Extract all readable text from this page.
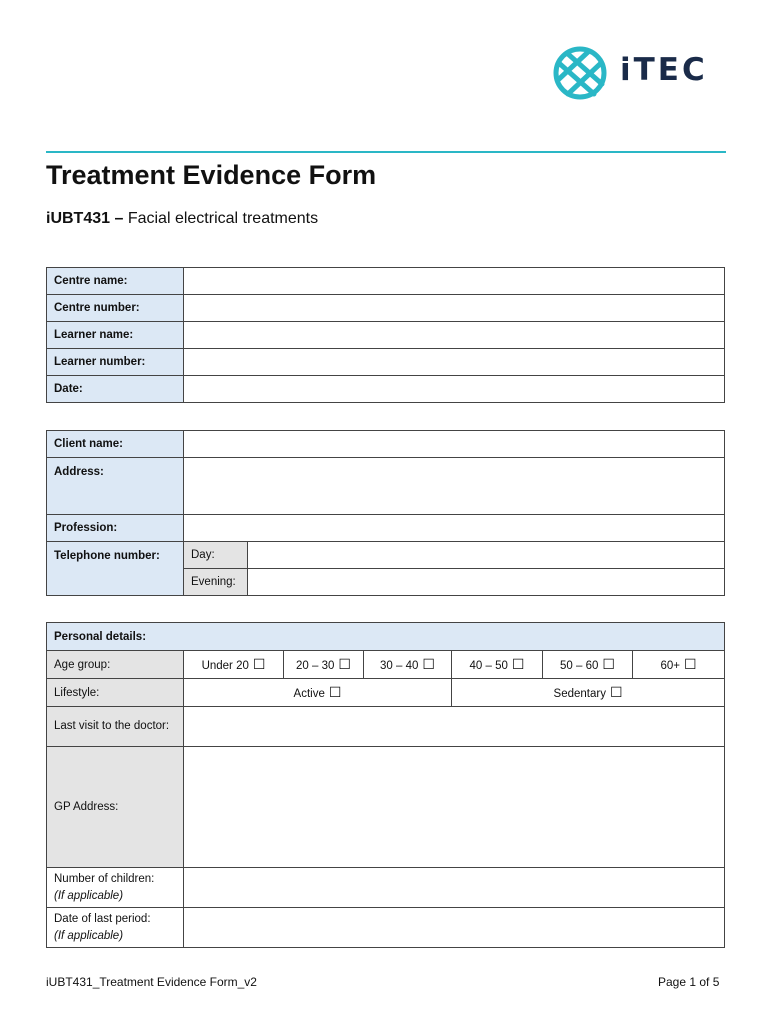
iTEC
Treatment Evidence Form

iUBT431 – Facial electrical treatments

Centre name:	
Centre number:	
Learner name:	
Learner number:	
Date:	
Client name:		
Address:		
Profession:		
Telephone number:	Day:	
	Evening:	
Personal details:						
Age group:	Under 20 ☐	20 – 30 ☐	30 – 40 ☐	40 – 50 ☐	50 – 60 ☐	60+ ☐
Lifestyle:	Active ☐			Sedentary ☐		
Last visit to the doctor:						
GP Address:						
Number of children:
(If applicable)						
Date of last period:
(If applicable)						
iUBT431_Treatment Evidence Form_v2	Page 1 of 5
